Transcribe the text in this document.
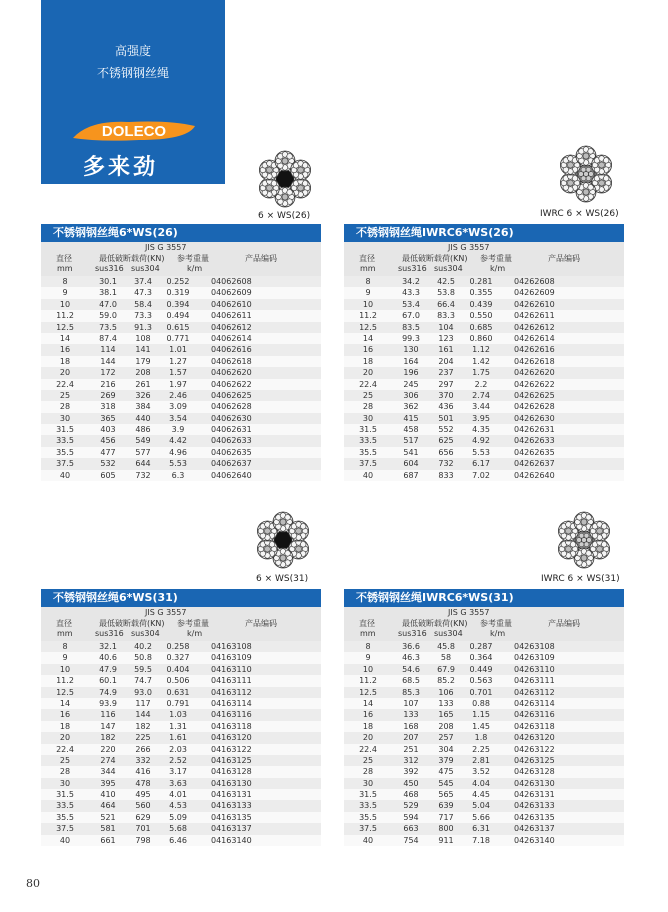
高强度
不锈钢钢丝绳
DOLECO
多来劲
6 × WS(26)	IWRC 6 × WS(26)
6 × WS(31)	IWRC 6 × WS(31)
不锈钢钢丝绳6*WS(26)
JIS G 3557
直径
mm
最低破断载荷(KN)
sus316 sus304
参考重量
k/m
产品编码
8	30.1	37.4	0.252	04062608
9	38.1	47.3	0.319	04062609
10	47.0	58.4	0.394	04062610
11.2	59.0	73.3	0.494	04062611
12.5	73.5	91.3	0.615	04062612
14	87.4	108	0.771	04062614
16	114	141	1.01	04062616
18	144	179	1.27	04062618
20	172	208	1.57	04062620
22.4	216	261	1.97	04062622
25	269	326	2.46	04062625
28	318	384	3.09	04062628
30	365	440	3.54	04062630
31.5	403	486	3.9	04062631
33.5	456	549	4.42	04062633
35.5	477	577	4.96	04062635
37.5	532	644	5.53	04062637
40	605	732	6.3	04062640
不锈钢钢丝绳IWRC6*WS(26)
JIS G 3557
直径
mm
最低破断载荷(KN)
sus316 sus304
参考重量
k/m
产品编码
8	34.2	42.5	0.281	04262608
9	43.3	53.8	0.355	04262609
10	53.4	66.4	0.439	04262610
11.2	67.0	83.3	0.550	04262611
12.5	83.5	104	0.685	04262612
14	99.3	123	0.860	04262614
16	130	161	1.12	04262616
18	164	204	1.42	04262618
20	196	237	1.75	04262620
22.4	245	297	2.2	04262622
25	306	370	2.74	04262625
28	362	436	3.44	04262628
30	415	501	3.95	04262630
31.5	458	552	4.35	04262631
33.5	517	625	4.92	04262633
35.5	541	656	5.53	04262635
37.5	604	732	6.17	04262637
40	687	833	7.02	04262640
不锈钢钢丝绳6*WS(31)
JIS G 3557
直径
mm
最低破断载荷(KN)
sus316 sus304
参考重量
k/m
产品编码
8	32.1	40.2	0.258	04163108
9	40.6	50.8	0.327	04163109
10	47.9	59.5	0.404	04163110
11.2	60.1	74.7	0.506	04163111
12.5	74.9	93.0	0.631	04163112
14	93.9	117	0.791	04163114
16	116	144	1.03	04163116
18	147	182	1.31	04163118
20	182	225	1.61	04163120
22.4	220	266	2.03	04163122
25	274	332	2.52	04163125
28	344	416	3.17	04163128
30	395	478	3.63	04163130
31.5	410	495	4.01	04163131
33.5	464	560	4.53	04163133
35.5	521	629	5.09	04163135
37.5	581	701	5.68	04163137
40	661	798	6.46	04163140
不锈钢钢丝绳IWRC6*WS(31)
JIS G 3557
直径
mm
最低破断载荷(KN)
sus316 sus304
参考重量
k/m
产品编码
8	36.6	45.8	0.287	04263108
9	46.3	58	0.364	04263109
10	54.6	67.9	0.449	04263110
11.2	68.5	85.2	0.563	04263111
12.5	85.3	106	0.701	04263112
14	107	133	0.88	04263114
16	133	165	1.15	04263116
18	168	208	1.45	04263118
20	207	257	1.8	04263120
22.4	251	304	2.25	04263122
25	312	379	2.81	04263125
28	392	475	3.52	04263128
30	450	545	4.04	04263130
31.5	468	565	4.45	04263131
33.5	529	639	5.04	04263133
35.5	594	717	5.66	04263135
37.5	663	800	6.31	04263137
40	754	911	7.18	04263140
80
